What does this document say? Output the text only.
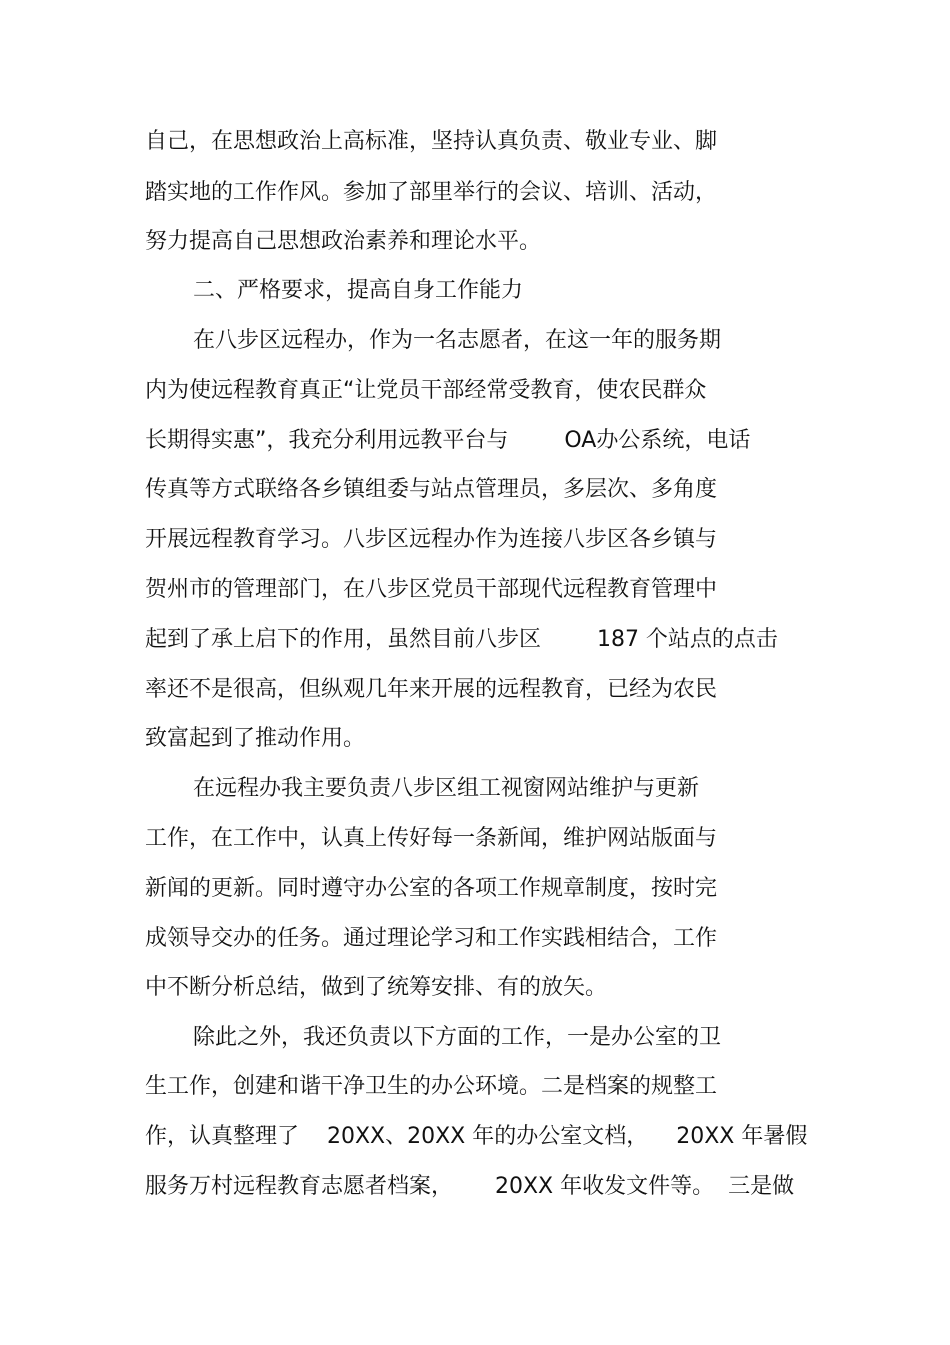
自己，在思想政治上高标准，坚持认真负责、敬业专业、脚
踏实地的工作作风。参加了部里举行的会议、培训、活动，
努力提高自己思想政治素养和理论水平。
二、严格要求，提高自身工作能力
在八步区远程办，作为一名志愿者，在这一年的服务期
内为使远程教育真正“让党员干部经常受教育，使农民群众
长期得实惠”，我充分利用远教平台与        OA办公系统，电话
传真等方式联络各乡镇组委与站点管理员，多层次、多角度
开展远程教育学习。八步区远程办作为连接八步区各乡镇与
贺州市的管理部门，在八步区党员干部现代远程教育管理中
起到了承上启下的作用，虽然目前八步区        187 个站点的点击
率还不是很高，但纵观几年来开展的远程教育，已经为农民
致富起到了推动作用。
在远程办我主要负责八步区组工视窗网站维护与更新
工作，在工作中，认真上传好每一条新闻，维护网站版面与
新闻的更新。同时遵守办公室的各项工作规章制度，按时完
成领导交办的任务。通过理论学习和工作实践相结合，工作
中不断分析总结，做到了统筹安排、有的放矢。
除此之外，我还负责以下方面的工作，一是办公室的卫
生工作，创建和谐干净卫生的办公环境。二是档案的规整工
作，认真整理了    20XX、20XX 年的办公室文档，    20XX 年暑假
服务万村远程教育志愿者档案，      20XX 年收发文件等。  三是做
